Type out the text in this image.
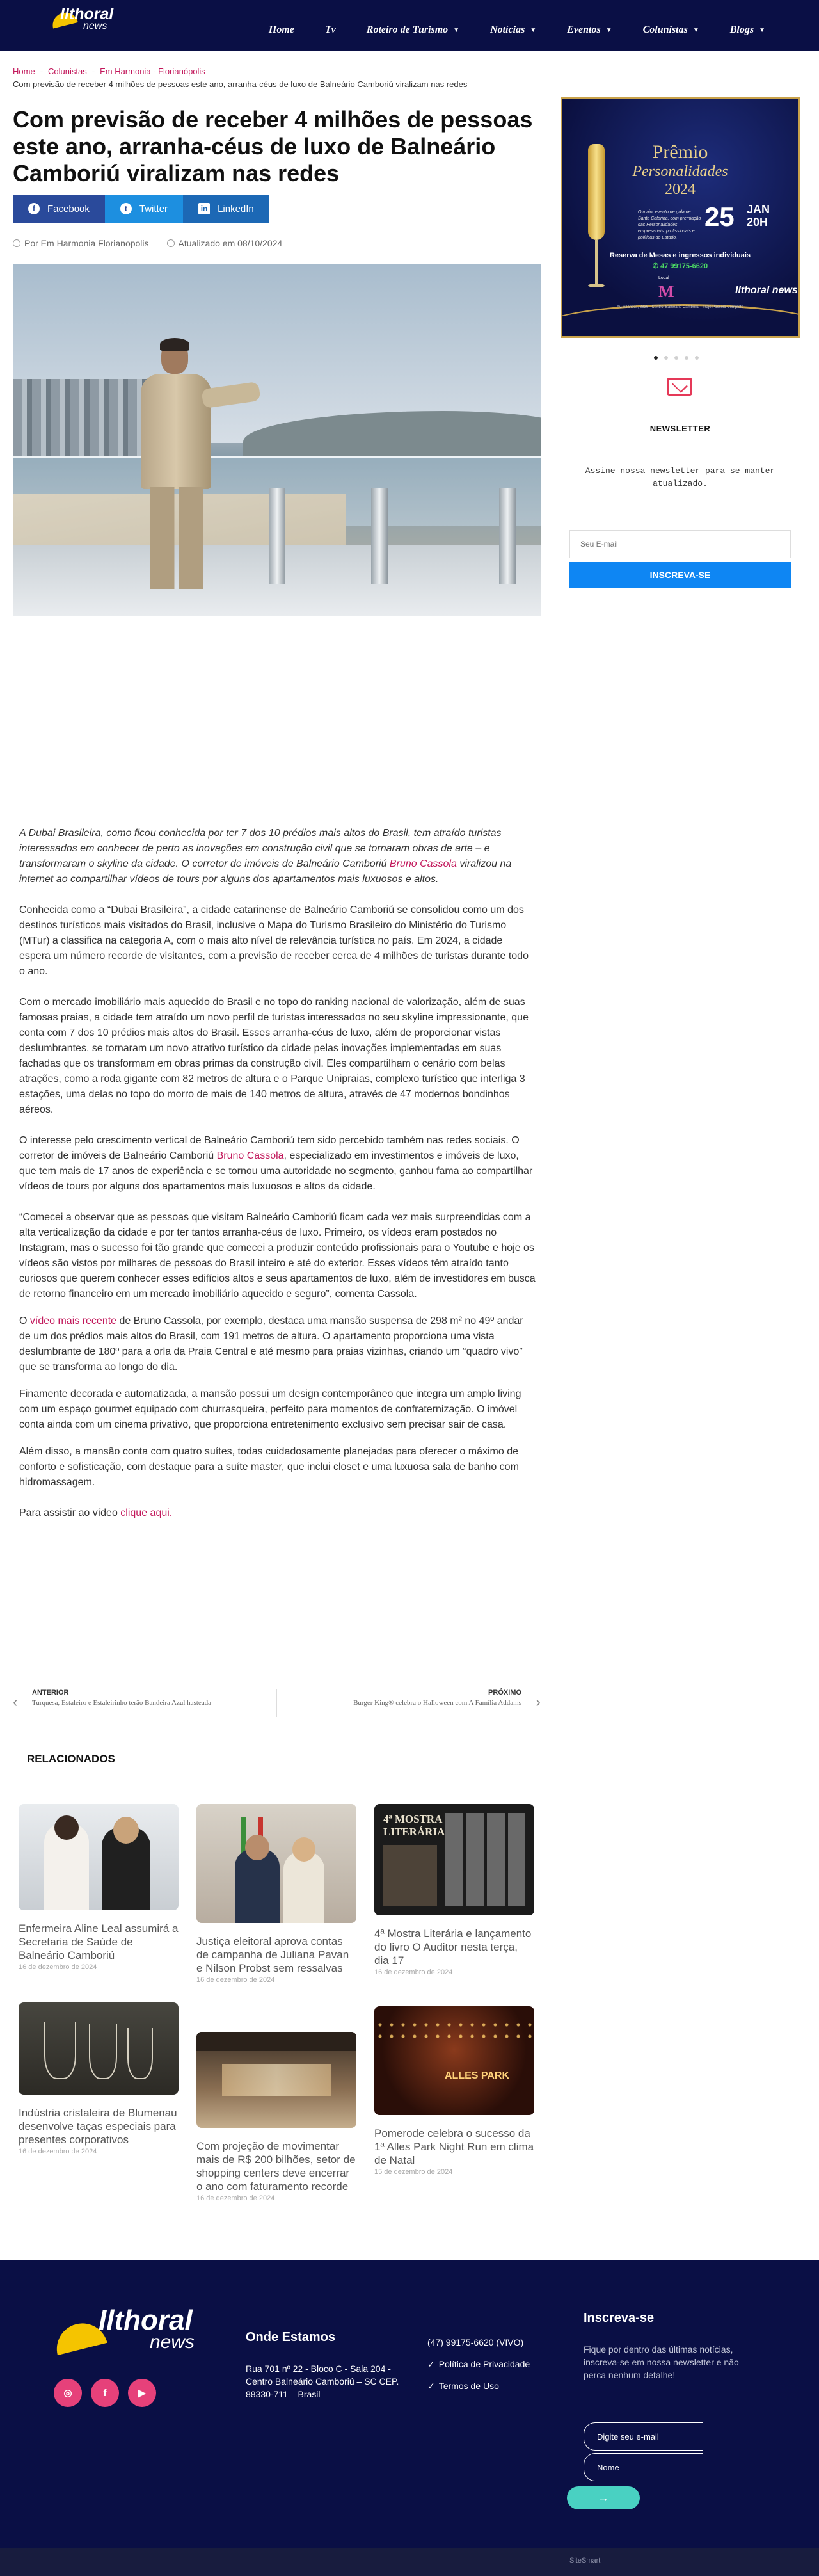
Ilthoral
news	Home	Tv	Roteiro de Turismo ▼	Notícias ▼	Eventos ▼	Colunistas ▼	Blogs ▼
Home - Colunistas - Em Harmonia - Florianópolis
Com previsão de receber 4 milhões de pessoas este ano, arranha-céus de luxo de Balneário Camboriú viralizam nas redes
Com previsão de receber 4 milhões de pessoas este ano, arranha-céus de luxo de Balneário Camboriú viralizam nas redes
f	Facebook	t	Twitter	in LinkedIn
Por Em Harmonia Florianopolis	Atualizado em 08/10/2024
Prêmio
Personalidades
2024
O maior evento de gala de Santa Catarina, com premiação das Personalidades empresariais, profissionais e políticas do Estado.
25 JAN
20H
Reserva de Mesas e ingressos individuais
✆ 47 99175-6620
Local
M	Ilthoral news
Av. Atlântica, 3836 - Centro, Balneário Camboriú - Traje Passeio Completo
NEWSLETTER
Assine nossa newsletter para se manter atualizado.
Seu E-mail
INSCREVA-SE

A Dubai Brasileira, como ficou conhecida por ter 7 dos 10 prédios mais altos do Brasil, tem atraído turistas interessados em conhecer de perto as inovações em construção civil que se tornaram obras de arte – e transformaram o skyline da cidade. O corretor de imóveis de Balneário Camboriú Bruno Cassola viralizou na internet ao compartilhar vídeos de tours por alguns dos apartamentos mais luxuosos e altos.

Conhecida como a “Dubai Brasileira”, a cidade catarinense de Balneário Camboriú se consolidou como um dos destinos turísticos mais visitados do Brasil, inclusive o Mapa do Turismo Brasileiro do Ministério do Turismo (MTur) a classifica na categoria A, com o mais alto nível de relevância turística no país. Em 2024, a cidade espera um número recorde de visitantes, com a previsão de receber cerca de 4 milhões de turistas durante todo o ano.

Com o mercado imobiliário mais aquecido do Brasil e no topo do ranking nacional de valorização, além de suas famosas praias, a cidade tem atraído um novo perfil de turistas interessados no seu skyline impressionante, que conta com 7 dos 10 prédios mais altos do Brasil. Esses arranha-céus de luxo, além de proporcionar vistas deslumbrantes, se tornaram um novo atrativo turístico da cidade pelas inovações implementadas em suas fachadas que os transformam em obras primas da construção civil. Eles compartilham o cenário com belas atrações, como a roda gigante com 82 metros de altura e o Parque Unipraias, complexo turístico que interliga 3 estações, uma delas no topo do morro de mais de 140 metros de altura, através de 47 modernos bondinhos aéreos.

O interesse pelo crescimento vertical de Balneário Camboriú tem sido percebido também nas redes sociais. O corretor de imóveis de Balneário Camboriú Bruno Cassola, especializado em investimentos e imóveis de luxo, que tem mais de 17 anos de experiência e se tornou uma autoridade no segmento, ganhou fama ao compartilhar vídeos de tours por alguns dos apartamentos mais luxuosos e altos da cidade.

“Comecei a observar que as pessoas que visitam Balneário Camboriú ficam cada vez mais surpreendidas com a alta verticalização da cidade e por ter tantos arranha-céus de luxo. Primeiro, os vídeos eram postados no Instagram, mas o sucesso foi tão grande que comecei a produzir conteúdo profissionais para o Youtube e hoje os vídeos são vistos por milhares de pessoas do Brasil inteiro e até do exterior. Esses vídeos têm atraído tanto curiosos que querem conhecer esses edifícios altos e seus apartamentos de luxo, além de investidores em busca de retorno financeiro em um mercado imobiliário aquecido e seguro”, comenta Cassola.

O vídeo mais recente de Bruno Cassola, por exemplo, destaca uma mansão suspensa de 298 m² no 49º andar de um dos prédios mais altos do Brasil, com 191 metros de altura. O apartamento proporciona uma vista deslumbrante de 180º para a orla da Praia Central e até mesmo para praias vizinhas, criando um “quadro vivo” que se transforma ao longo do dia.

Finamente decorada e automatizada, a mansão possui um design contemporâneo que integra um amplo living com um espaço gourmet equipado com churrasqueira, perfeito para momentos de confraternização. O imóvel conta ainda com um cinema privativo, que proporciona entretenimento exclusivo sem precisar sair de casa.

Além disso, a mansão conta com quatro suítes, todas cuidadosamente planejadas para oferecer o máximo de conforto e sofisticação, com destaque para a suíte master, que inclui closet e uma luxuosa sala de banho com hidromassagem.

Para assistir ao vídeo clique aqui.

‹
ANTERIOR
Turquesa, Estaleiro e Estaleirinho terão Bandeira Azul hasteada	›
PRÓXIMO
Burger King® celebra o Halloween com A Família Addams
RELACIONADOS
Enfermeira Aline Leal assumirá a Secretaria de Saúde de Balneário Camboriú
16 de dezembro de 2024
Justiça eleitoral aprova contas de campanha de Juliana Pavan e Nilson Probst sem ressalvas
16 de dezembro de 2024
4ª MOSTRA
LITERÁRIA
4ª Mostra Literária e lançamento do livro O Auditor nesta terça, dia 17
16 de dezembro de 2024
Indústria cristaleira de Blumenau desenvolve taças especiais para presentes corporativos
16 de dezembro de 2024	Com projeção de movimentar mais de R$ 200 bilhões, setor de shopping centers deve encerrar o ano com faturamento recorde
16 de dezembro de 2024
ALLES PARK
Pomerode celebra o sucesso da 1ª Alles Park Night Run em clima de Natal
15 de dezembro de 2024
Ilthoral
news
◎	f	▶
Onde Estamos
Rua 701 nº 22 - Bloco C - Sala 204 - Centro Balneário Camboriú – SC CEP. 88330-711 – Brasil
(47) 99175-6620 (VIVO)
✓ Política de Privacidade
✓ Termos de Uso
Inscreva-se
Fique por dentro das últimas notícias, inscreva-se em nossa newsletter e não perca nenhum detalhe!
Digite seu e-mail
Nome
→
SiteSmart
